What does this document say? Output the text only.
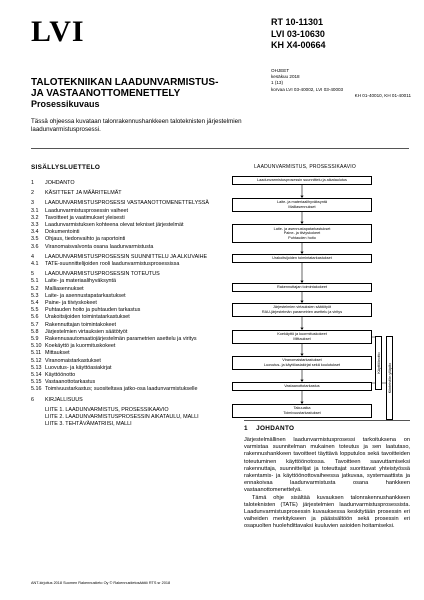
LVI	RT 10-11301
LVI 03-10630
KH X4-00664
OHJEET
kesäkuu 2018
1 (13)
korvaa LVI 03-40002, LVI 03-40003
KH 01-40010, KH 01-40011
TALOTEKNIIKAN LAADUNVARMISTUS-
JA VASTAANOTTOMENETTELY
Prosessikuvaus
Tässä ohjeessa kuvataan talonrakennushankkeen taloteknisten järjestelmien laadunvarmistusprosessi.
SISÄLLYSLUETTELO
1	JOHDANTO
2	KÄSITTEET JA MÄÄRITELMÄT
3	LAADUNVARMISTUSPROSESSI VASTAANOTTOMENETTELYSSÄ
3.1	Laadunvarmistusprosessin vaiheet
3.2	Tavoitteet ja vaatimukset yleisesti
3.3	Laadunvarmistuksen kohteena olevat tekniset järjestelmät
3.4	Dokumentointi
3.5	Ohjaus, tiedonvaihto ja raportointi
3.6	Viranomaisvalvonta osana laadunvarmistusta
4	LAADUNVARMISTUSPROSESSIN SUUNNITTELU JA ALKUVAIHE
4.1	TATE-suunnittelijoiden rooli laadunvarmistusprosessissa
5	LAADUNVARMISTUSPROSESSIN TOTEUTUS
5.1	Laite- ja materiaalihyväksyntä
5.2	Malliasennukset
5.3	Laite- ja asennustapatarkastukset
5.4	Paine- ja tiiviyskokeet
5.5	Puhtauden hoito ja puhtauden tarkastus
5.6	Urakoitsijoiden toimintatarkastukset
5.7	Rakennuttajan toimintakokeet
5.8	Järjestelmien virtauksien säätötyöt
5.9	Rakennusautomaatiojärjestelmän parametrien asettelu ja viritys
5.10 Koekäyttö ja kuormituskokeet
5.11 Mittaukset
5.12 Viranomaistarkastukset
5.13 Luovutus- ja käyttöasiakirjat
5.14 Käyttöönotto
5.15 Vastaanottotarkastus
5.16 Toimivuustarkastus; suositeltava jatko-osa laadunvarmistukselle
6	KIRJALLISUUS
LIITE 1. LAADUNVARMISTUS, PROSESSIKAAVIO
LIITE 2. LAADUNVARMISTUSPROSESSIN AIKATAULU, MALLI
LIITE 3. TEHTÄVÄMATRIISI, MALLI
LAADUNVARMISTUS, PROSESSIKAAVIO
Laadunvarmistusprosessin suunnittelu ja aikataulutus
Laite- ja materiaalihyväksyntä
Malliasennukset
Laite- ja asennustapatarkastukset
Paine- ja tiiviyskokeet
Puhtauden hoito
Urakoitsijoiden toimintatarkastukset
Rakennuttajan toimintakokeet
Järjestelmien virtauksien säätötyöt
RAU-järjestelmän parametrien asettelu ja viritys
Koekäyttö ja kuormituskokeet
Mittaukset
Viranomaistarkastukset
Luovutus- ja käyttöasiakirjat sekä koulutukset
Vastaanottotarkastus
Takuuaika
Toimivuustarkastukset
Käyttöönotto Kiinteistön ylläpito
1 JOHDANTO

Järjestelmällinen laadunvarmistusprosessi tarkoituksena on varmistaa suunnitelman mukainen toteutus ja sen laatutaso, rakennushankkeen tavoitteet täyttävä lopputulos sekä tavoitteiden toteutuminen käyttöönotossa. Tavoitteen saavuttamiseksi rakennuttaja, suunnittelijat ja toteuttajat suorittavat yhteistyössä rakentamis- ja käyttöönottovaiheessa jatkuvaa, systemaattista ja ennakoivaa laadunvarmistusta osana hankkeen vastaanottomenettelyä.

Tämä ohje sisältää kuvauksen talonrakennushankkeen taloteknisten (TATE) järjestelmien laadunvarmistusprosessista. Laadunvarmistusprosessin kuvauksessa keskitytään prosessin eri vaiheiden merkitykseen ja pääsisältöön sekä prosessin eri osapuolten huolehdittavaksi kuuluvien asioiden hoitamiseksi.

ANT-kirjoitus 2018 Suomen Rakennustieto Oy © Rakennustietosäätiö RTS sr 2018
